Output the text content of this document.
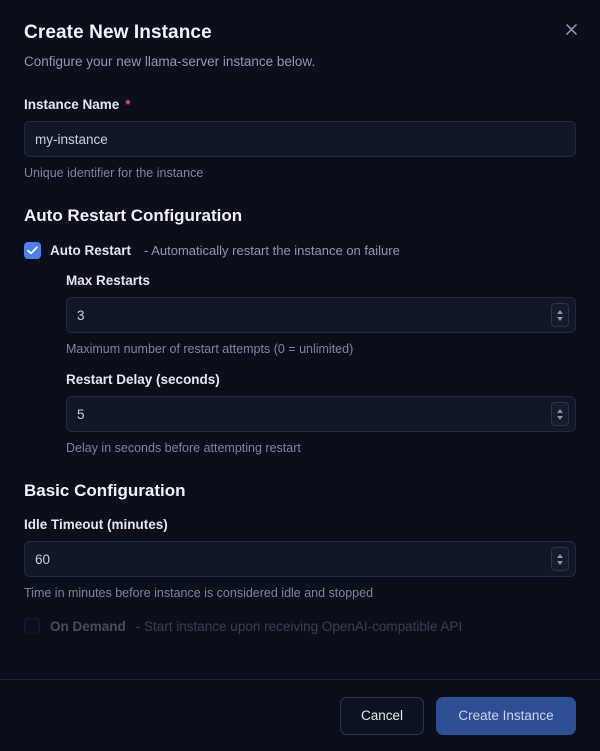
Create New Instance

Configure your new llama-server instance below.

Instance Name *
my-instance
Unique identifier for the instance
Auto Restart Configuration
Auto Restart - Automatically restart the instance on failure
Max Restarts
3
Maximum number of restart attempts (0 = unlimited)
Restart Delay (seconds)
5
Delay in seconds before attempting restart
Basic Configuration
Idle Timeout (minutes)
60
Time in minutes before instance is considered idle and stopped
On Demand - Start instance upon receiving OpenAI-compatible API
Cancel	Create Instance
